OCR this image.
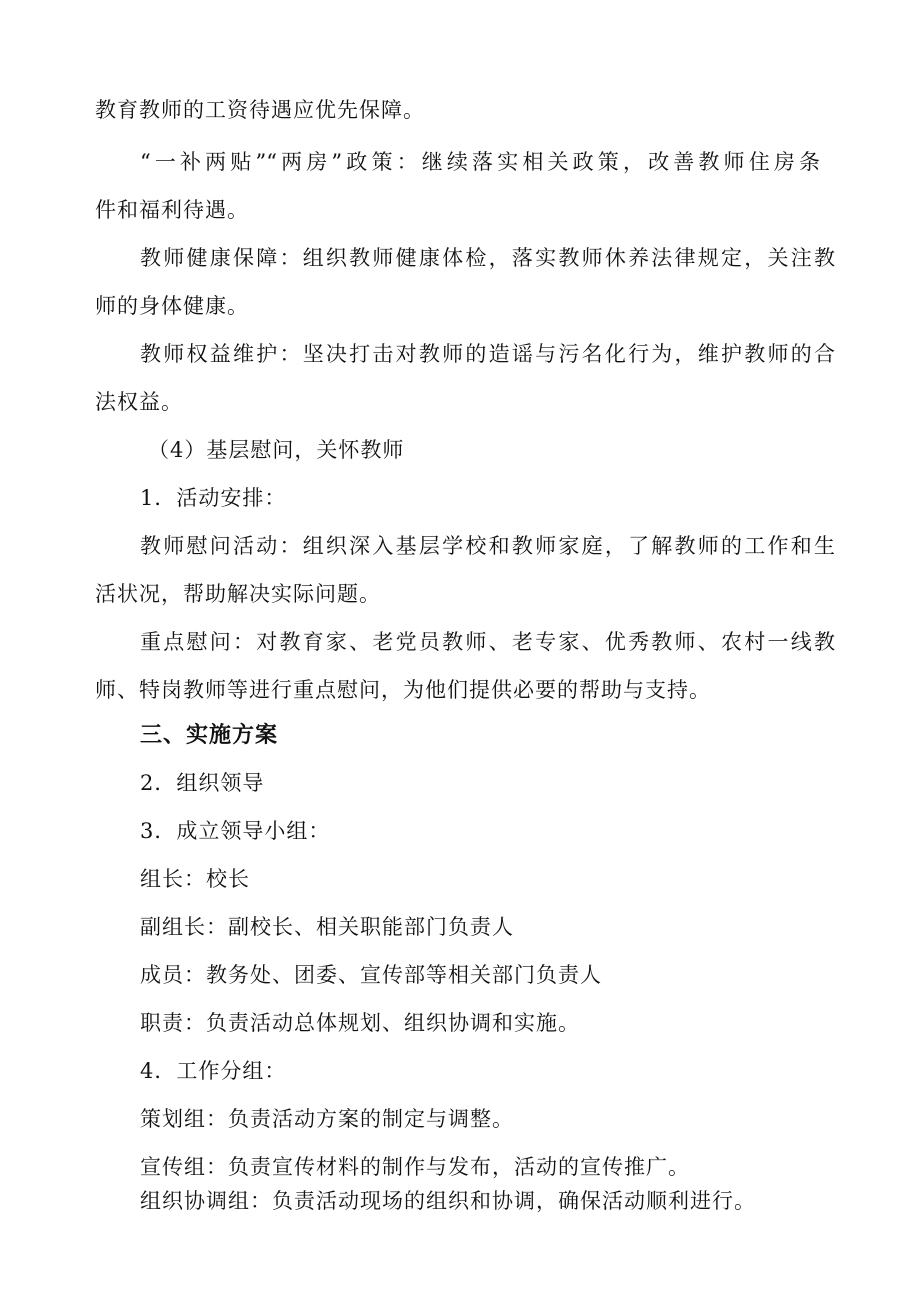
教育教师的工资待遇应优先保障。

“一补两贴”“两房”政策：继续落实相关政策，改善教师住房条

件和福利待遇。

教师健康保障：组织教师健康体检，落实教师休养法律规定，关注教

师的身体健康。

教师权益维护：坚决打击对教师的造谣与污名化行为，维护教师的合

法权益。

（4）基层慰问，关怀教师

1．活动安排：

教师慰问活动：组织深入基层学校和教师家庭，了解教师的工作和生

活状况，帮助解决实际问题。

重点慰问：对教育家、老党员教师、老专家、优秀教师、农村一线教

师、特岗教师等进行重点慰问，为他们提供必要的帮助与支持。

三、实施方案

2．组织领导

3．成立领导小组：

组长：校长

副组长：副校长、相关职能部门负责人

成员：教务处、团委、宣传部等相关部门负责人

职责：负责活动总体规划、组织协调和实施。

4．工作分组：

策划组：负责活动方案的制定与调整。

宣传组：负责宣传材料的制作与发布，活动的宣传推广。

组织协调组：负责活动现场的组织和协调，确保活动顺利进行。
